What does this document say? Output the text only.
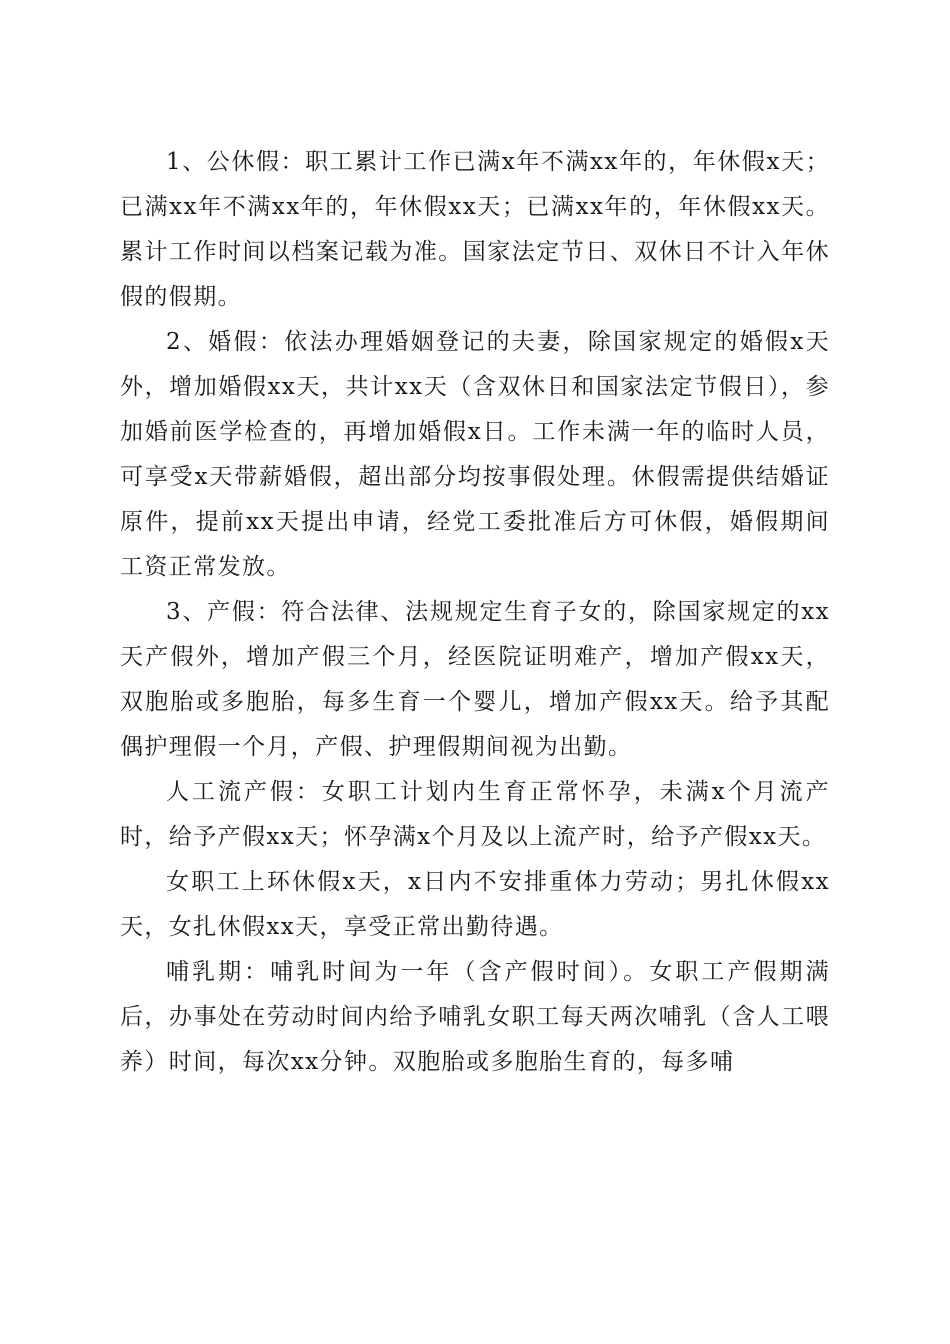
1、公休假：职工累计工作已满x年不满xx年的，年休假x天；已满xx年不满xx年的，年休假xx天；已满xx年的，年休假xx天。累计工作时间以档案记载为准。国家法定节日、双休日不计入年休假的假期。

2、婚假：依法办理婚姻登记的夫妻，除国家规定的婚假x天外，增加婚假xx天，共计xx天（含双休日和国家法定节假日），参加婚前医学检查的，再增加婚假x日。工作未满一年的临时人员，可享受x天带薪婚假，超出部分均按事假处理。休假需提供结婚证原件，提前xx天提出申请，经党工委批准后方可休假，婚假期间工资正常发放。

3、产假：符合法律、法规规定生育子女的，除国家规定的xx天产假外，增加产假三个月，经医院证明难产，增加产假xx天，双胞胎或多胞胎，每多生育一个婴儿，增加产假xx天。给予其配偶护理假一个月，产假、护理假期间视为出勤。

人工流产假：女职工计划内生育正常怀孕，未满x个月流产时，给予产假xx天；怀孕满x个月及以上流产时，给予产假xx天。

女职工上环休假x天，x日内不安排重体力劳动；男扎休假xx天，女扎休假xx天，享受正常出勤待遇。

哺乳期：哺乳时间为一年（含产假时间）。女职工产假期满后，办事处在劳动时间内给予哺乳女职工每天两次哺乳（含人工喂养）时间，每次xx分钟。双胞胎或多胞胎生育的，每多哺
